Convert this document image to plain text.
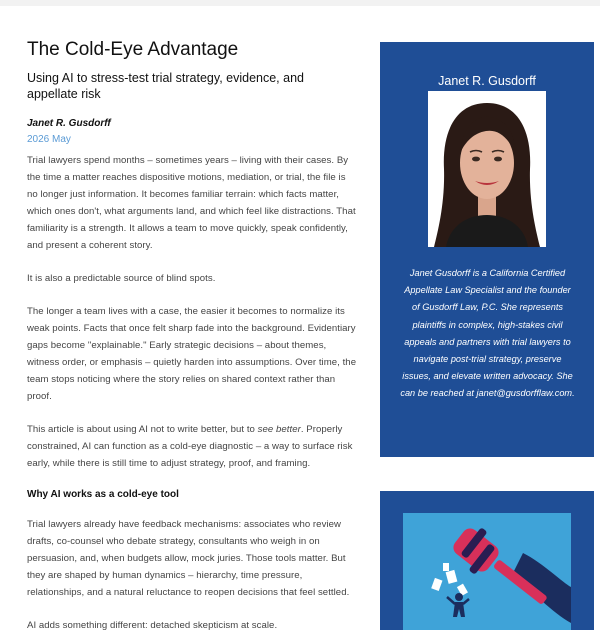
The Cold-Eye Advantage
Using AI to stress-test trial strategy, evidence, and appellate risk
Janet R. Gusdorff
2026 May

Trial lawyers spend months – sometimes years – living with their cases. By the time a matter reaches dispositive motions, mediation, or trial, the file is no longer just information. It becomes familiar terrain: which facts matter, which ones don't, what arguments land, and which feel like distractions. That familiarity is a strength. It allows a team to move quickly, speak confidently, and present a coherent story.

It is also a predictable source of blind spots.

The longer a team lives with a case, the easier it becomes to normalize its weak points. Facts that once felt sharp fade into the background. Evidentiary gaps become "explainable." Early strategic decisions – about themes, witness order, or emphasis – quietly harden into assumptions. Over time, the team stops noticing where the story relies on shared context rather than proof.

This article is about using AI not to write better, but to see better. Properly constrained, AI can function as a cold-eye diagnostic – a way to surface risk early, while there is still time to adjust strategy, proof, and framing.

Why AI works as a cold-eye tool

Trial lawyers already have feedback mechanisms: associates who review drafts, co-counsel who debate strategy, consultants who weigh in on persuasion, and, when budgets allow, mock juries. Those tools matter. But they are shaped by human dynamics – hierarchy, time pressure, relationships, and a natural reluctance to reopen decisions that feel settled.

AI adds something different: detached skepticism at scale.

Janet R. Gusdorff
Janet Gusdorff is a California Certified Appellate Law Specialist and the founder of Gusdorff Law, P.C. She represents plaintiffs in complex, high-stakes civil appeals and partners with trial lawyers to navigate post-trial strategy, preserve issues, and elevate written advocacy. She can be reached at janet@gusdorfflaw.com.
